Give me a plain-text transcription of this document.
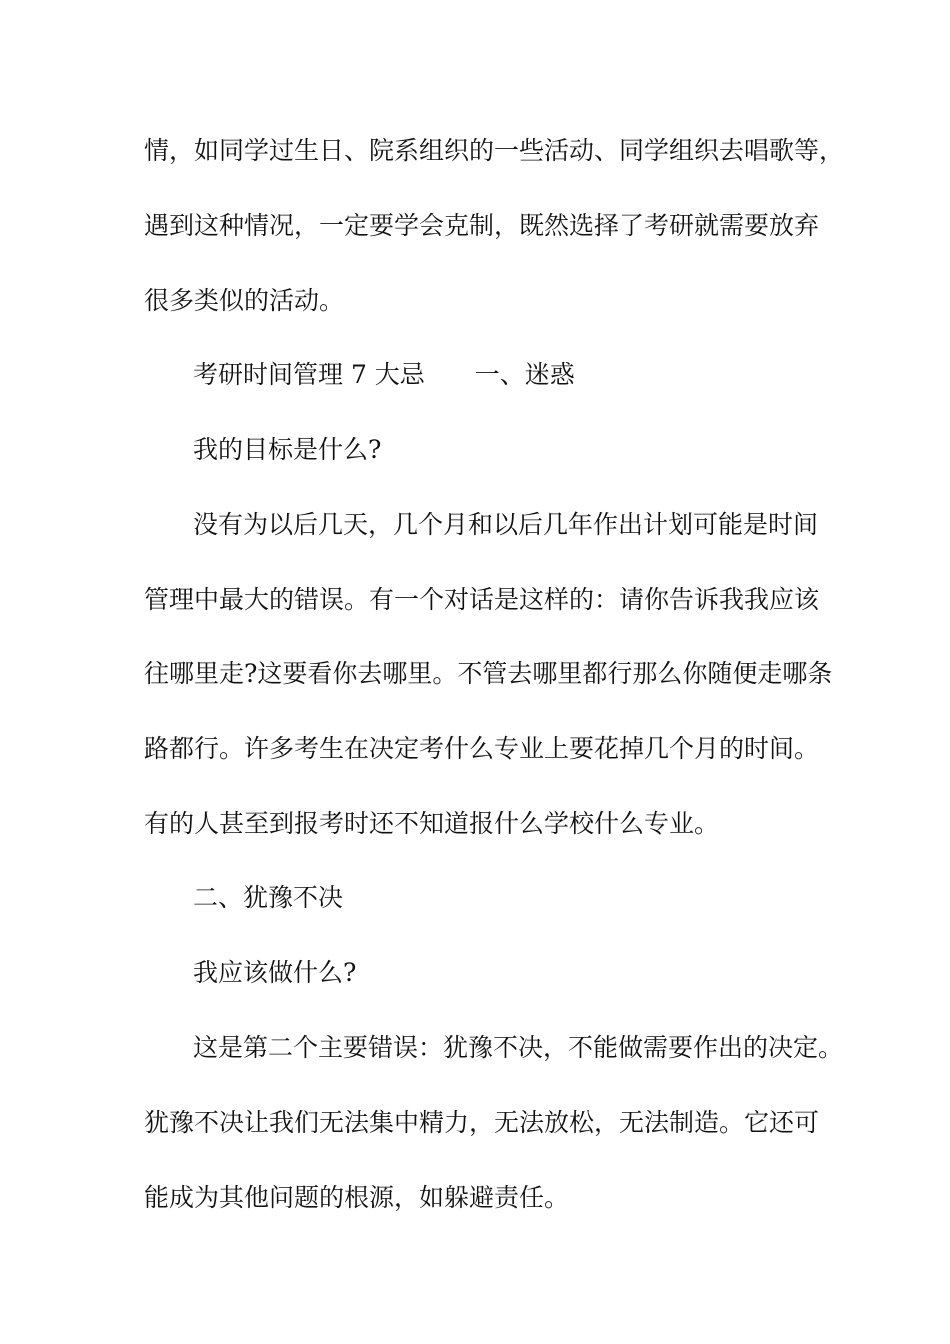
情，如同学过生日、院系组织的一些活动、同学组织去唱歌等，
遇到这种情况，一定要学会克制，既然选择了考研就需要放弃
很多类似的活动。
考研时间管理 7 大忌　　一、迷惑
我的目标是什么?
没有为以后几天，几个月和以后几年作出计划可能是时间
管理中最大的错误。有一个对话是这样的：请你告诉我我应该
往哪里走?这要看你去哪里。不管去哪里都行那么你随便走哪条
路都行。许多考生在决定考什么专业上要花掉几个月的时间。
有的人甚至到报考时还不知道报什么学校什么专业。
二、犹豫不决
我应该做什么?
这是第二个主要错误：犹豫不决，不能做需要作出的决定。
犹豫不决让我们无法集中精力，无法放松，无法制造。它还可
能成为其他问题的根源，如躲避责任。
